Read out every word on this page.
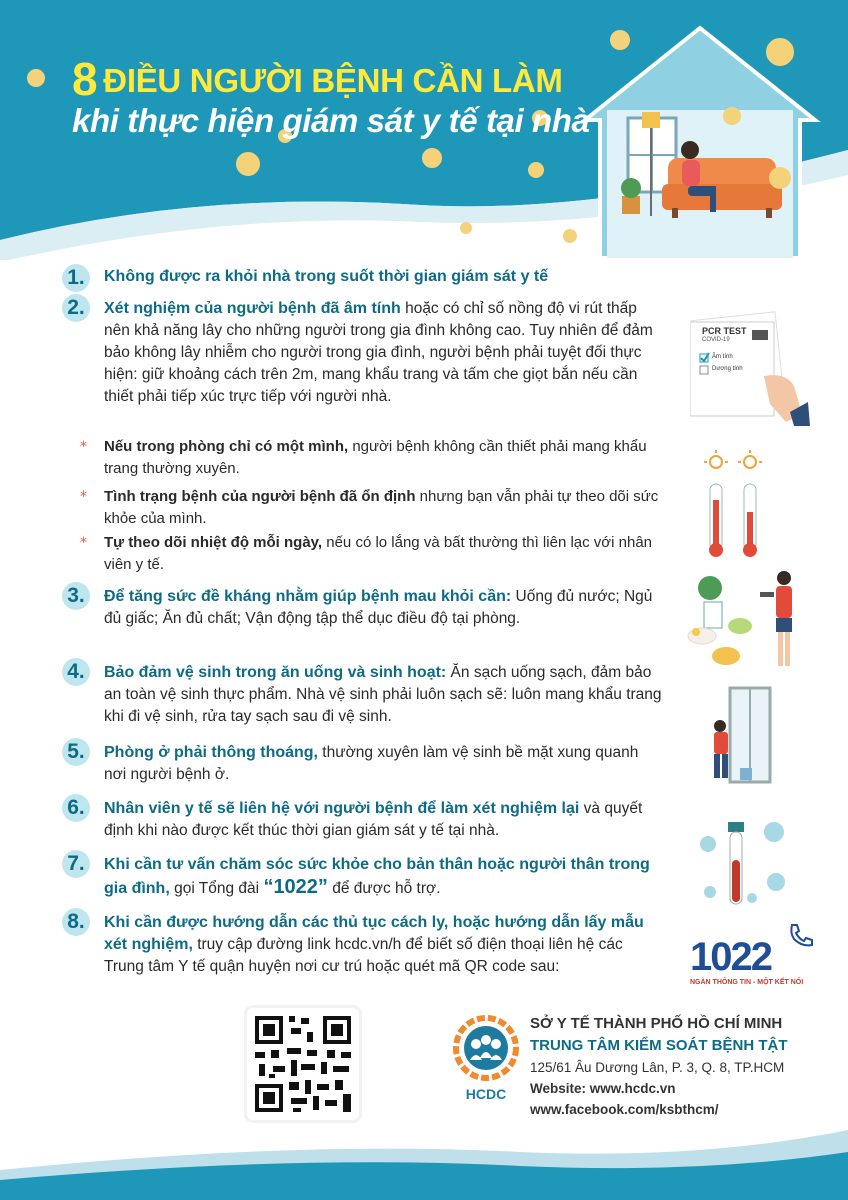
8 ĐIỀU NGƯỜI BỆNH CẦN LÀM
khi thực hiện giám sát y tế tại nhà
1.	Không được ra khỏi nhà trong suốt thời gian giám sát y tế
2.	Xét nghiệm của người bệnh đã âm tính hoặc có chỉ số nồng độ vi rút thấp nên khả năng lây cho những người trong gia đình không cao. Tuy nhiên để đảm bảo không lây nhiễm cho người trong gia đình, người bệnh phải tuyệt đối thực hiện: giữ khoảng cách trên 2m, mang khẩu trang và tấm che giọt bắn nếu cần thiết phải tiếp xúc trực tiếp với người nhà.
* Nếu trong phòng chỉ có một mình, người bệnh không cần thiết phải mang khẩu trang thường xuyên.
* Tình trạng bệnh của người bệnh đã ổn định nhưng bạn vẫn phải tự theo dõi sức khỏe của mình.
* Tự theo dõi nhiệt độ mỗi ngày, nếu có lo lắng và bất thường thì liên lạc với nhân viên y tế.
3.	Để tăng sức đề kháng nhằm giúp bệnh mau khỏi cần: Uống đủ nước; Ngủ đủ giấc; Ăn đủ chất; Vận động tập thể dục điều độ tại phòng.
4.	Bảo đảm vệ sinh trong ăn uống và sinh hoạt: Ăn sạch uống sạch, đảm bảo an toàn vệ sinh thực phẩm. Nhà vệ sinh phải luôn sạch sẽ: luôn mang khẩu trang khi đi vệ sinh, rửa tay sạch sau đi vệ sinh.
5.	Phòng ở phải thông thoáng, thường xuyên làm vệ sinh bề mặt xung quanh nơi người bệnh ở.
6.	Nhân viên y tế sẽ liên hệ với người bệnh để làm xét nghiệm lại và quyết định khi nào được kết thúc thời gian giám sát y tế tại nhà.
7.	Khi cần tư vấn chăm sóc sức khỏe cho bản thân hoặc người thân trong gia đình, gọi Tổng đài “1022” để được hỗ trợ.
8.	Khi cần được hướng dẫn các thủ tục cách ly, hoặc hướng dẫn lấy mẫu xét nghiệm, truy cập đường link hcdc.vn/h để biết số điện thoại liên hệ các Trung tâm Y tế quận huyện nơi cư trú hoặc quét mã QR code sau:
PCR TEST
COVID-19
Âm tính
Dương tính
1022
NGÀN THÔNG TIN - MỘT KẾT NỐI
HCDC
SỞ Y TẾ THÀNH PHỐ HỒ CHÍ MINH
TRUNG TÂM KIỂM SOÁT BỆNH TẬT
125/61 Âu Dương Lân, P. 3, Q. 8, TP.HCM
Website: www.hcdc.vn
www.facebook.com/ksbthcm/
